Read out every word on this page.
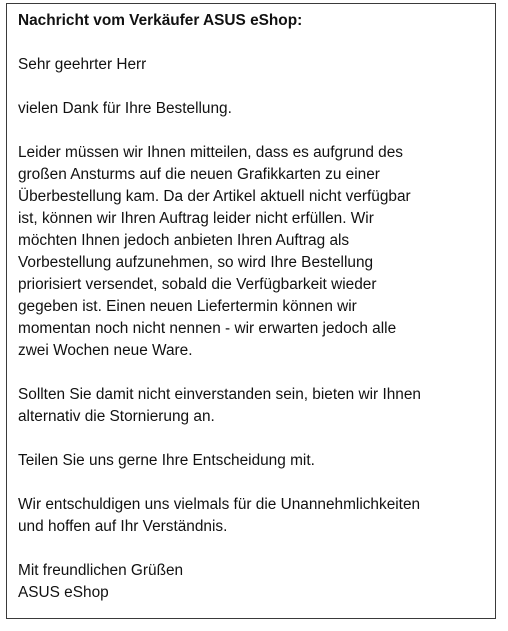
Nachricht vom Verkäufer ASUS eShop:

Sehr geehrter Herr

vielen Dank für Ihre Bestellung.

Leider müssen wir Ihnen mitteilen, dass es aufgrund des
großen Ansturms auf die neuen Grafikkarten zu einer
Überbestellung kam. Da der Artikel aktuell nicht verfügbar
ist, können wir Ihren Auftrag leider nicht erfüllen. Wir
möchten Ihnen jedoch anbieten Ihren Auftrag als
Vorbestellung aufzunehmen, so wird Ihre Bestellung
priorisiert versendet, sobald die Verfügbarkeit wieder
gegeben ist. Einen neuen Liefertermin können wir
momentan noch nicht nennen - wir erwarten jedoch alle
zwei Wochen neue Ware.

Sollten Sie damit nicht einverstanden sein, bieten wir Ihnen
alternativ die Stornierung an.

Teilen Sie uns gerne Ihre Entscheidung mit.

Wir entschuldigen uns vielmals für die Unannehmlichkeiten
und hoffen auf Ihr Verständnis.

Mit freundlichen Grüßen
ASUS eShop
